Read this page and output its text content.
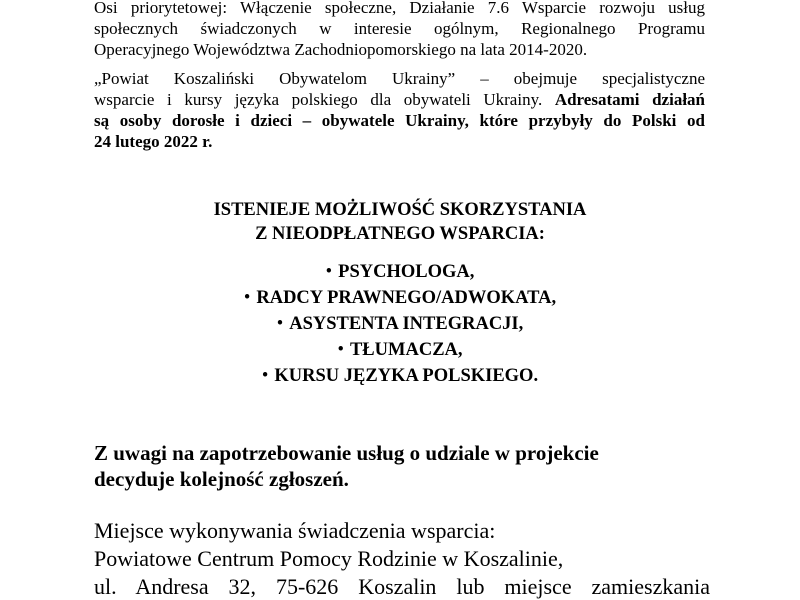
Osi priorytetowej: Włączenie społeczne, Działanie 7.6 Wsparcie rozwoju usług
społecznych świadczonych w interesie ogólnym, Regionalnego Programu
Operacyjnego Województwa Zachodniopomorskiego na lata 2014-2020.
„Powiat Koszaliński Obywatelom Ukrainy” – obejmuje specjalistyczne
wsparcie i kursy języka polskiego dla obywateli Ukrainy. Adresatami działań
są osoby dorosłe i dzieci – obywatele Ukrainy, które przybyły do Polski od
24 lutego 2022 r.
ISTENIEJE MOŻLIWOŚĆ SKORZYSTANIA
Z NIEODPŁATNEGO WSPARCIA:
• PSYCHOLOGA,
• RADCY PRAWNEGO/ADWOKATA,
• ASYSTENTA INTEGRACJI,
• TŁUMACZA,
• KURSU JĘZYKA POLSKIEGO.
Z uwagi na zapotrzebowanie usług o udziale w projekcie
decyduje kolejność zgłoszeń.
Miejsce wykonywania świadczenia wsparcia:
Powiatowe Centrum Pomocy Rodzinie w Koszalinie,
ul. Andresa 32, 75-626 Koszalin lub miejsce zamieszkania
